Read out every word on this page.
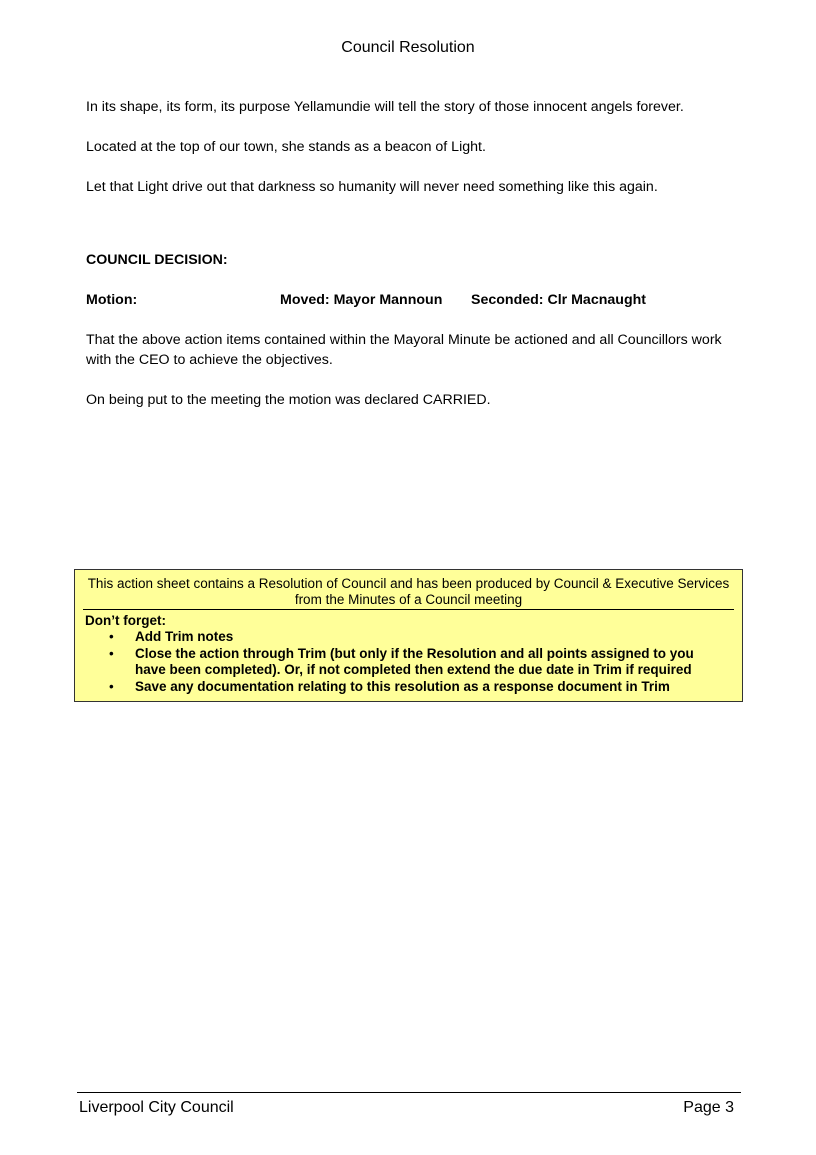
Council Resolution

In its shape, its form, its purpose Yellamundie will tell the story of those innocent angels forever.

Located at the top of our town, she stands as a beacon of Light.

Let that Light drive out that darkness so humanity will never need something like this again.

COUNCIL DECISION:

Motion:	Moved: Mayor Mannoun Seconded: Clr Macnaught

That the above action items contained within the Mayoral Minute be actioned and all Councillors work with the CEO to achieve the objectives.

On being put to the meeting the motion was declared CARRIED.

This action sheet contains a Resolution of Council and has been produced by Council & Executive Services from the Minutes of a Council meeting
Don’t forget:
• Add Trim notes
• Close the action through Trim (but only if the Resolution and all points assigned to you have been completed). Or, if not completed then extend the due date in Trim if required
• Save any documentation relating to this resolution as a response document in Trim
Liverpool City Council	Page 3
